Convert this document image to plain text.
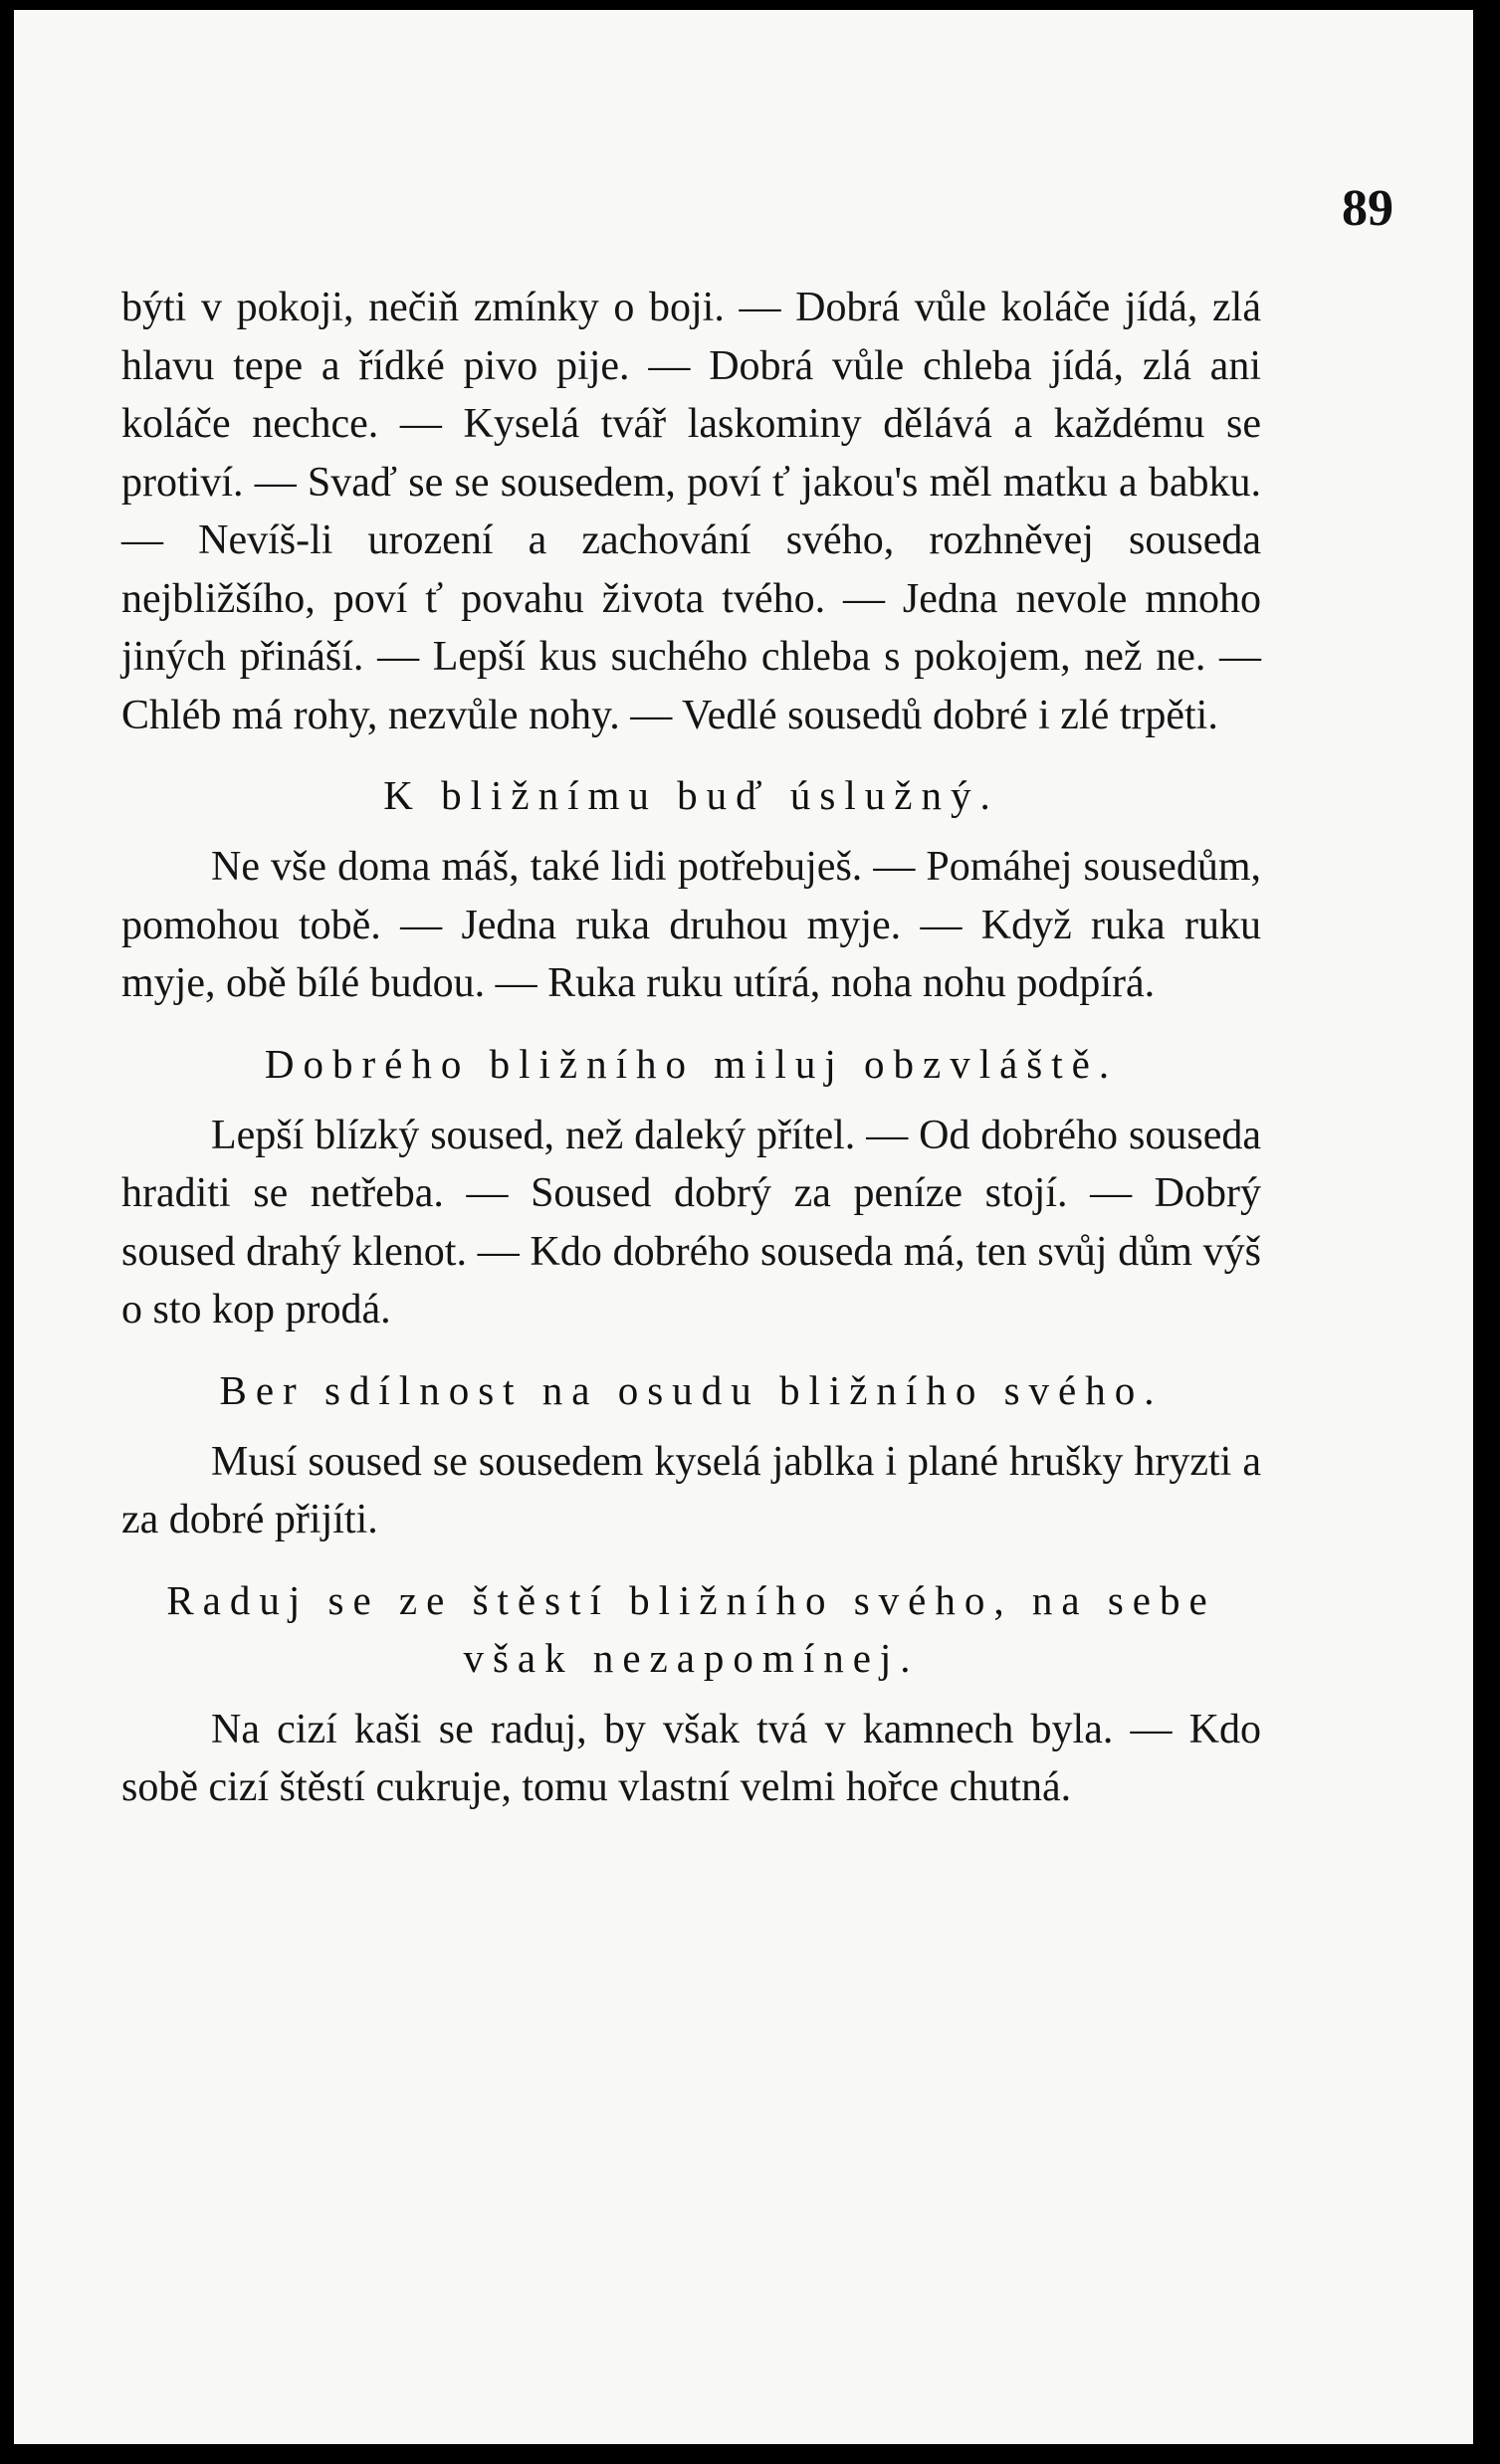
89

býti v pokoji, nečiň zmínky o boji. — Dobrá vůle koláče jídá, zlá hlavu tepe a řídké pivo pije. — Dobrá vůle chleba jídá, zlá ani koláče nechce. — Kyselá tvář laskominy dělává a každému se protiví. — Svaď se se sousedem, poví ť jakou's měl matku a babku. — Nevíš-li urození a zachování svého, rozhněvej souseda nejbližšího, poví ť povahu života tvého. — Jedna nevole mnoho jiných přináší. — Lepší kus suchého chleba s pokojem, než ne. — Chléb má rohy, nezvůle nohy. — Vedlé sousedů dobré i zlé trpěti.

K bližnímu buď úslužný.

Ne vše doma máš, také lidi potřebuješ. — Pomáhej sousedům, pomohou tobě. — Jedna ruka druhou myje. — Když ruka ruku myje, obě bílé budou. — Ruka ruku utírá, noha nohu podpírá.

Dobrého bližního miluj obzvláště.

Lepší blízký soused, než daleký přítel. — Od dobrého souseda hraditi se netřeba. — Soused dobrý za peníze stojí. — Dobrý soused drahý klenot. — Kdo dobrého souseda má, ten svůj dům výš o sto kop prodá.

Ber sdílnost na osudu bližního svého.

Musí soused se sousedem kyselá jablka i plané hrušky hryzti a za dobré přijíti.

Raduj se ze štěstí bližního svého, na sebe však nezapomínej.

Na cizí kaši se raduj, by však tvá v kamnech byla. — Kdo sobě cizí štěstí cukruje, tomu vlastní velmi hořce chutná.
